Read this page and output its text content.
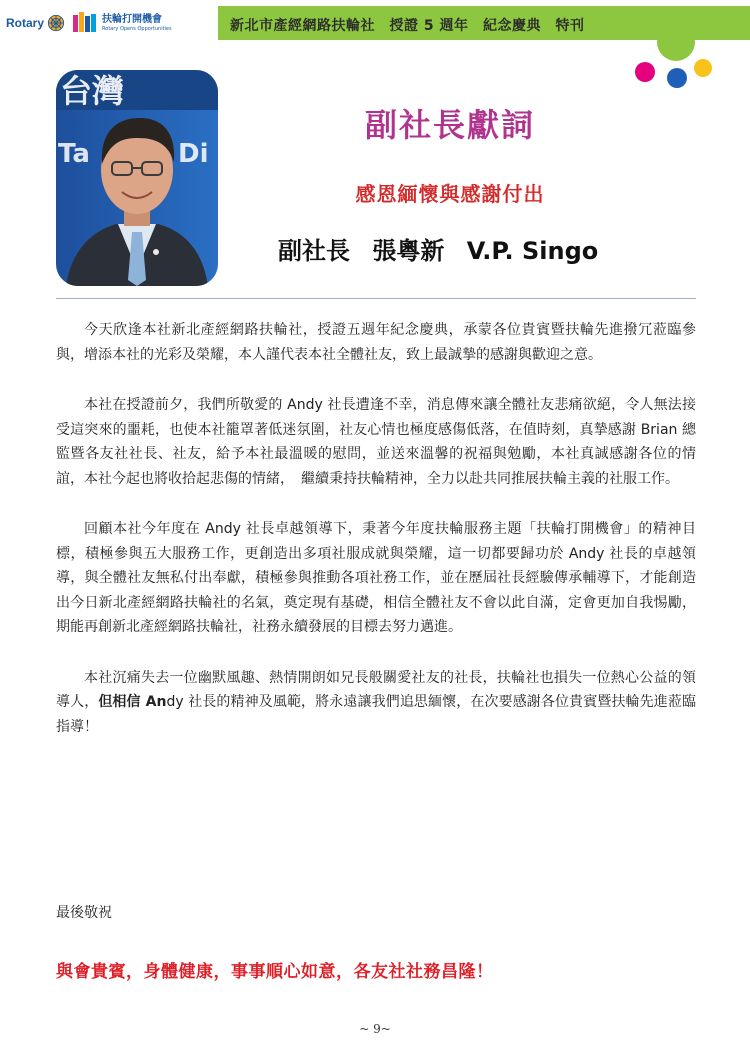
Rotary	扶輪打開機會
Rotary Opens Opportunities	新北市產經網路扶輪社　授證 5 週年　紀念慶典　特刊
台灣
Ta	Di
副社長獻詞
感恩緬懷與感謝付出
副社長 張粵新 V.P. Singo

今天欣逢本社新北產經網路扶輪社，授證五週年紀念慶典，承蒙各位貴賓暨扶輪先進撥冗蒞臨參與，增添本社的光彩及榮耀，本人謹代表本社全體社友，致上最誠摯的感謝與歡迎之意。

本社在授證前夕，我們所敬愛的 Andy 社長遭逢不幸，消息傳來讓全體社友悲痛欲絕，令人無法接受這突來的噩耗，也使本社籠罩著低迷氛圍，社友心情也極度感傷低落，在值時刻，真摯感謝 Brian 總監暨各友社社長、社友，給予本社最溫暖的慰問，並送來溫馨的祝福與勉勵，本社真誠感謝各位的情誼，本社今起也將收拾起悲傷的情緒，　繼續秉持扶輪精神，全力以赴共同推展扶輪主義的社服工作。

回顧本社今年度在 Andy 社長卓越領導下，秉著今年度扶輪服務主題「扶輪打開機會」的精神目標，積極參與五大服務工作，更創造出多項社服成就與榮耀，這一切都要歸功於 Andy 社長的卓越領導，與全體社友無私付出奉獻，積極參與推動各項社務工作，並在歷屆社長經驗傳承輔導下，才能創造出今日新北產經網路扶輪社的名氣，奠定現有基礎，相信全體社友不會以此自滿，定會更加自我惕勵，期能再創新北產經網路扶輪社，社務永續發展的目標去努力邁進。

本社沉痛失去一位幽默風趣、熱情開朗如兄長般關愛社友的社長，扶輪社也損失一位熱心公益的領導人，但相信 Andy 社長的精神及風範，將永遠讓我們追思緬懷，在次要感謝各位貴賓暨扶輪先進蒞臨指導！

最後敬祝
與會貴賓，身體健康，事事順心如意，各友社社務昌隆！
~ 9~
